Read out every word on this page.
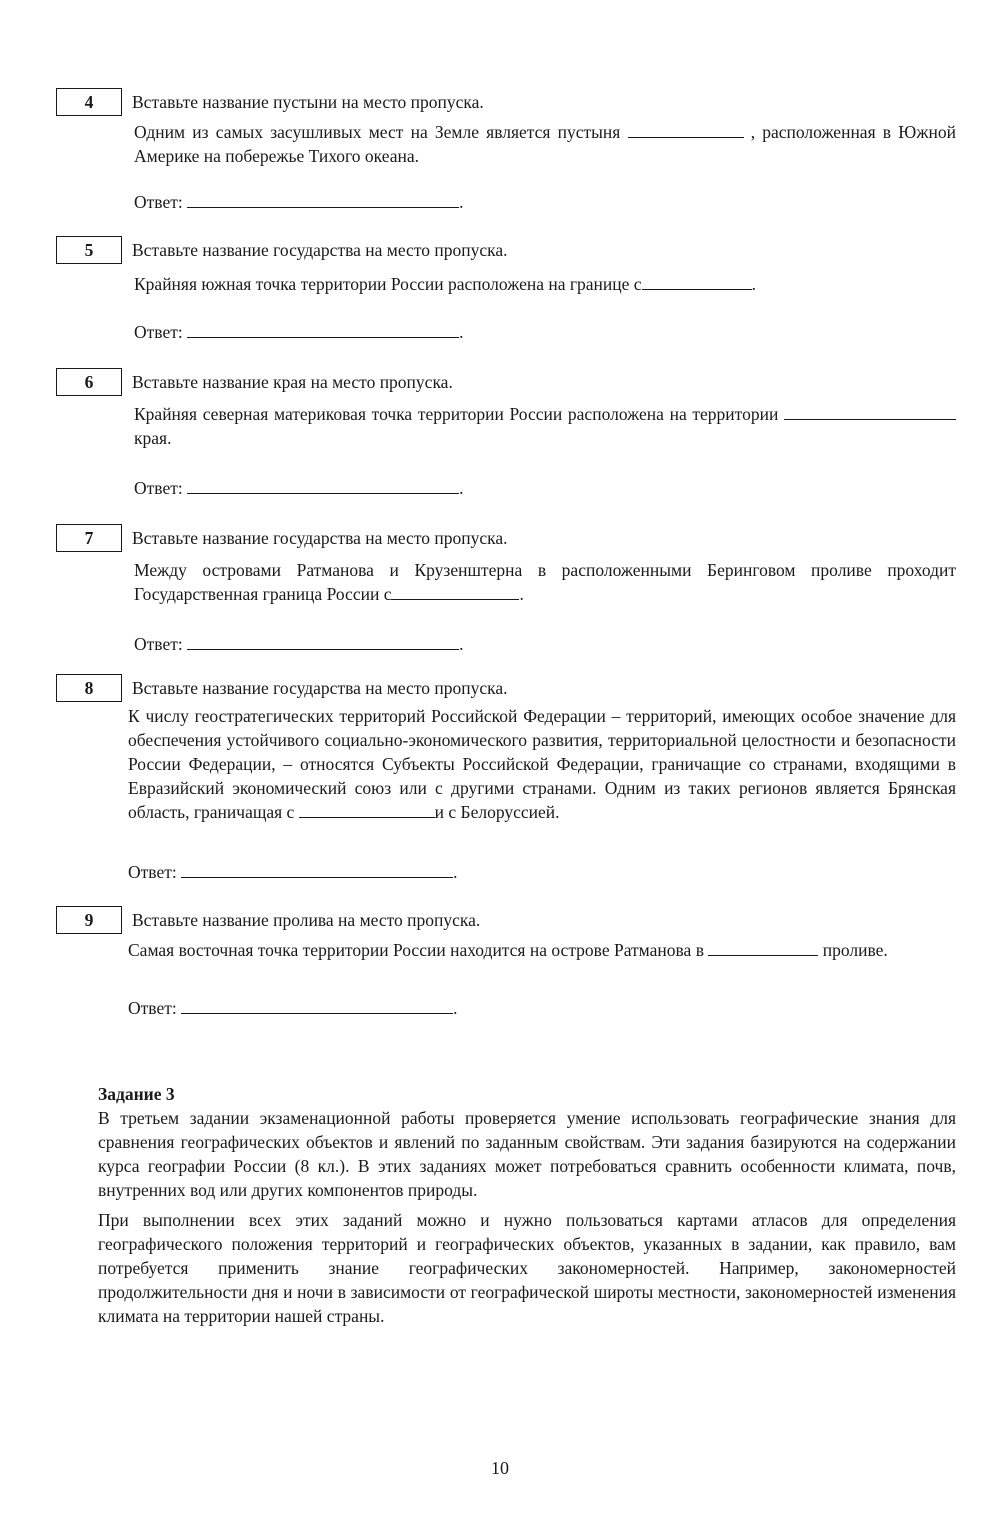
4	Вставьте название пустыни на место пропуска.
Одним из самых засушливых мест на Земле является пустыня	, расположенная в Южной Америке на побережье Тихого океана.
Ответ:	.
5	Вставьте название государства на место пропуска.
Крайняя южная точка территории России расположена на границе с	.
Ответ:	.
6	Вставьте название края на место пропуска.
Крайняя северная материковая точка территории России расположена на территории  края.
Ответ:	.
7	Вставьте название государства на место пропуска.
Между островами Ратманова и Крузенштерна в расположенными Беринговом проливе проходит Государственная граница России с	.
Ответ:	.
8	Вставьте название государства на место пропуска.
К числу геостратегических территорий Российской Федерации – территорий, имеющих особое значение для обеспечения устойчивого социально-экономического развития, территориальной целостности и безопасности России Федерации, – относятся Субъекты Российской Федерации, граничащие со странами, входящими в Евразийский экономический союз или с другими странами. Одним из таких регионов является Брянская область, граничащая с	и с Белоруссией.
Ответ:	.
9	Вставьте название пролива на место пропуска.
Самая восточная точка территории России находится на острове Ратманова в	проливе.
Ответ:	.
Задание 3
В третьем задании экзаменационной работы проверяется умение использовать географические знания для сравнения географических объектов и явлений по заданным свойствам. Эти задания базируются на содержании курса географии России (8 кл.). В этих заданиях может потребоваться сравнить особенности климата, почв, внутренних вод или других компонентов природы.
При выполнении всех этих заданий можно и нужно пользоваться картами атласов для определения географического положения территорий и географических объектов, указанных в задании, как правило, вам потребуется применить знание географических закономерностей. Например, закономерностей продолжительности дня и ночи в зависимости от географической широты местности, закономерностей изменения климата на территории нашей страны.
10
